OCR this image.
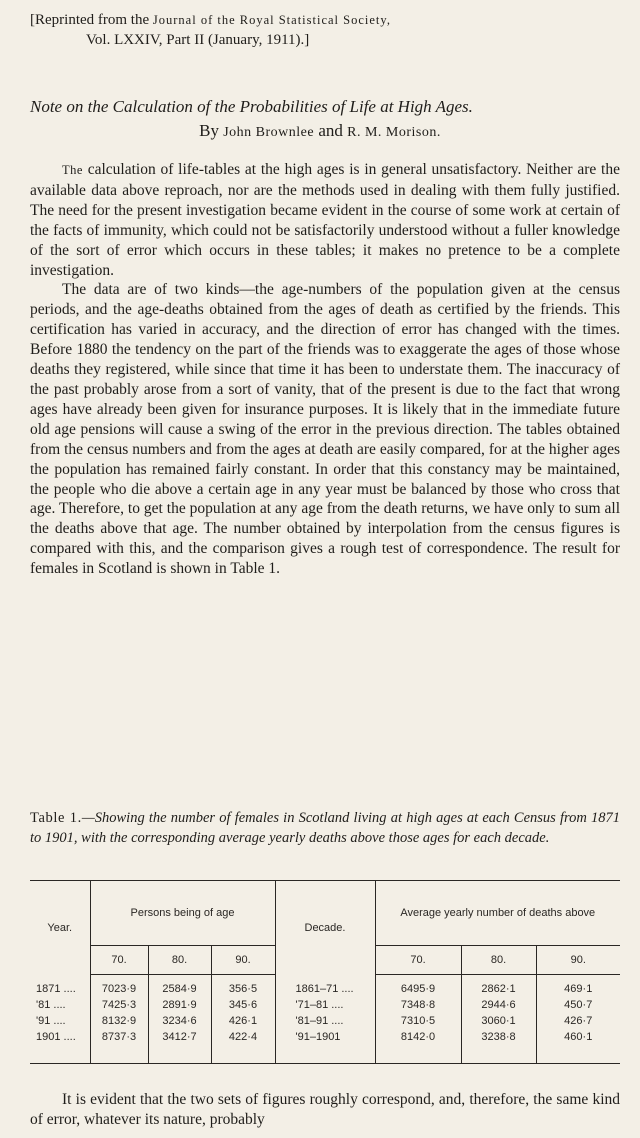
[Reprinted from the Journal of the Royal Statistical Society,
Vol. LXXIV, Part II (January, 1911).]
Note on the Calculation of the Probabilities of Life at High Ages.
By John Brownlee and R. M. Morison.

The calculation of life-tables at the high ages is in general unsatisfactory. Neither are the available data above reproach, nor are the methods used in dealing with them fully justified. The need for the present investigation became evident in the course of some work at certain of the facts of immunity, which could not be satisfactorily understood without a fuller knowledge of the sort of error which occurs in these tables; it makes no pretence to be a complete investigation.

The data are of two kinds—the age-numbers of the population given at the census periods, and the age-deaths obtained from the ages of death as certified by the friends. This certification has varied in accuracy, and the direction of error has changed with the times. Before 1880 the tendency on the part of the friends was to exaggerate the ages of those whose deaths they registered, while since that time it has been to understate them. The inaccuracy of the past probably arose from a sort of vanity, that of the present is due to the fact that wrong ages have already been given for insurance purposes. It is likely that in the immediate future old age pensions will cause a swing of the error in the previous direction. The tables obtained from the census numbers and from the ages at death are easily compared, for at the higher ages the population has remained fairly constant. In order that this constancy may be maintained, the people who die above a certain age in any year must be balanced by those who cross that age. Therefore, to get the population at any age from the death returns, we have only to sum all the deaths above that age. The number obtained by interpolation from the census figures is compared with this, and the comparison gives a rough test of correspondence. The result for females in Scotland is shown in Table 1.

Table 1.—Showing the number of females in Scotland living at high ages at each Census from 1871 to 1901, with the corresponding average yearly deaths above those ages for each decade.
Year.	Persons being of age			Decade.	Average yearly number of deaths above		
	70.	80.	90.		70.	80.	90.
1871 ....	7023·9	2584·9	356·5	1861–71 ....	6495·9	2862·1	469·1
'81 ....	7425·3	2891·9	345·6	'71–81 ....	7348·8	2944·6	450·7
'91 ....	8132·9	3234·6	426·1	'81–91 ....	7310·5	3060·1	426·7
1901 ....	8737·3	3412·7	422·4	'91–1901	8142·0	3238·8	460·1

It is evident that the two sets of figures roughly correspond, and, therefore, the same kind of error, whatever its nature, probably
